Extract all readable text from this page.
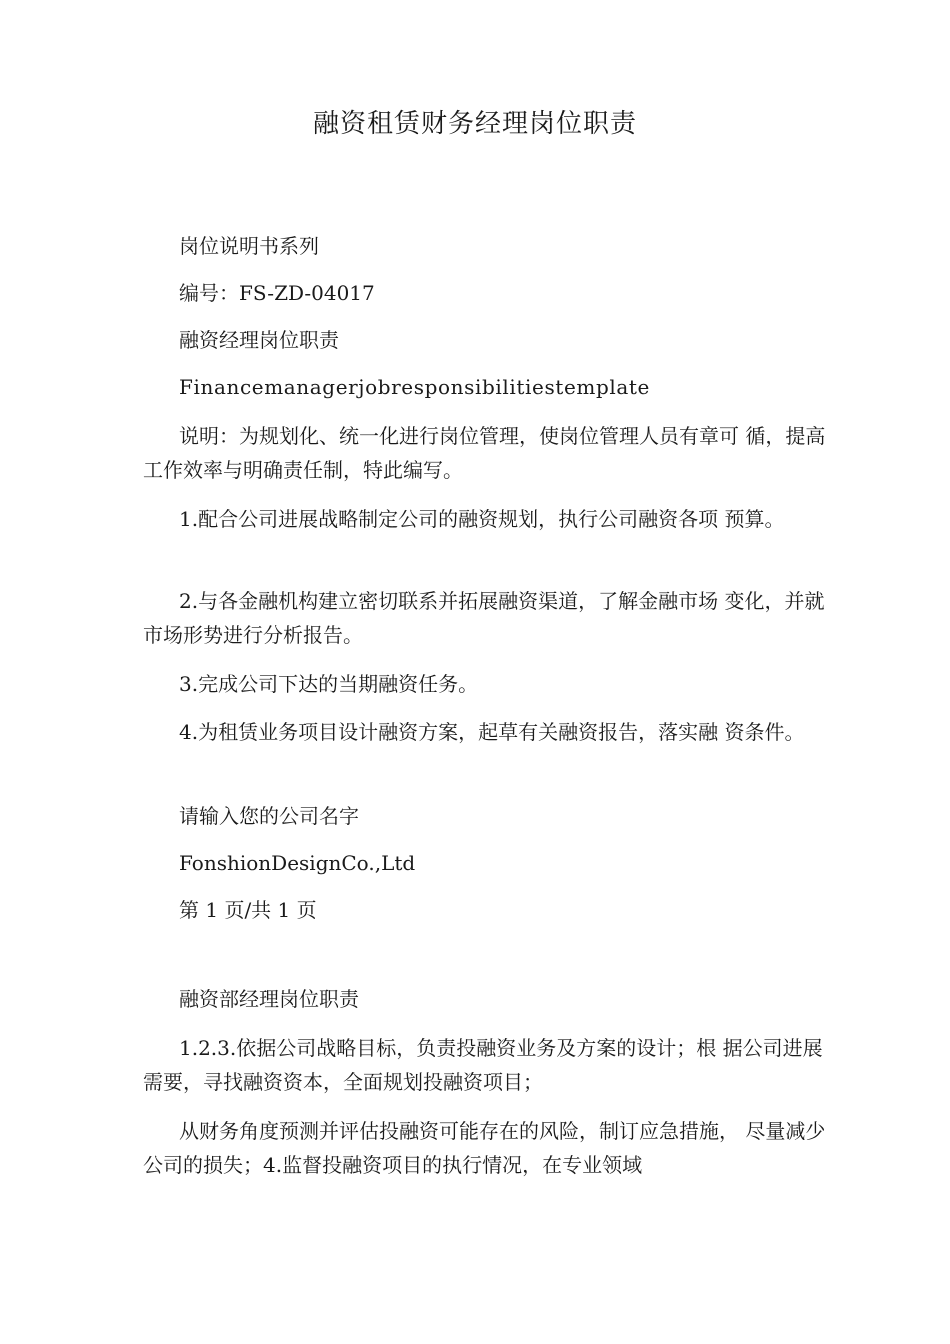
融资租赁财务经理岗位职责
岗位说明书系列
编号：FS-ZD-04017
融资经理岗位职责
Financemanagerjobresponsibilitiestemplate
说明：为规划化、统一化进行岗位管理，使岗位管理人员有章可 循，提高工作效率与明确责任制，特此编写。
1.配合公司进展战略制定公司的融资规划，执行公司融资各项 预算。
2.与各金融机构建立密切联系并拓展融资渠道，了解金融市场 变化，并就市场形势进行分析报告。
3.完成公司下达的当期融资任务。
4.为租赁业务项目设计融资方案，起草有关融资报告，落实融 资条件。
请输入您的公司名字
FonshionDesignCo.,Ltd
第 1 页/共 1 页
融资部经理岗位职责
1.2.3.依据公司战略目标，负责投融资业务及方案的设计；根 据公司进展需要，寻找融资资本，全面规划投融资项目；
从财务角度预测并评估投融资可能存在的风险，制订应急措施， 尽量减少公司的损失；4.监督投融资项目的执行情况，在专业领域
